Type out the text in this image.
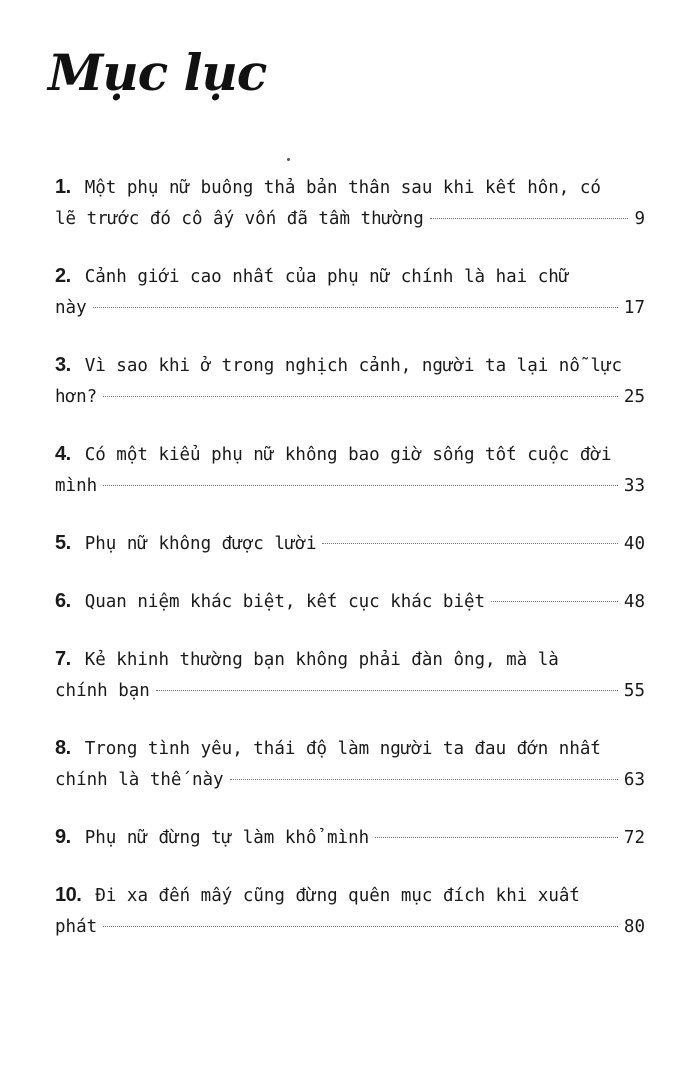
Mục lục
1. Một phụ nữ buông thả bản thân sau khi kết hôn, có
lẽ trước đó cô ấy vốn đã tầm thường	9
2. Cảnh giới cao nhất của phụ nữ chính là hai chữ
này	17
3. Vì sao khi ở trong nghịch cảnh, người ta lại nỗ lực
hơn?	25
4. Có một kiểu phụ nữ không bao giờ sống tốt cuộc đời
mình	33
5. Phụ nữ không được lười	40
6. Quan niệm khác biệt, kết cục khác biệt	48
7. Kẻ khinh thường bạn không phải đàn ông, mà là
chính bạn	55
8. Trong tình yêu, thái độ làm người ta đau đớn nhất
chính là thế này	63
9. Phụ nữ đừng tự làm khổ mình	72
10. Đi xa đến mấy cũng đừng quên mục đích khi xuất
phát	80
